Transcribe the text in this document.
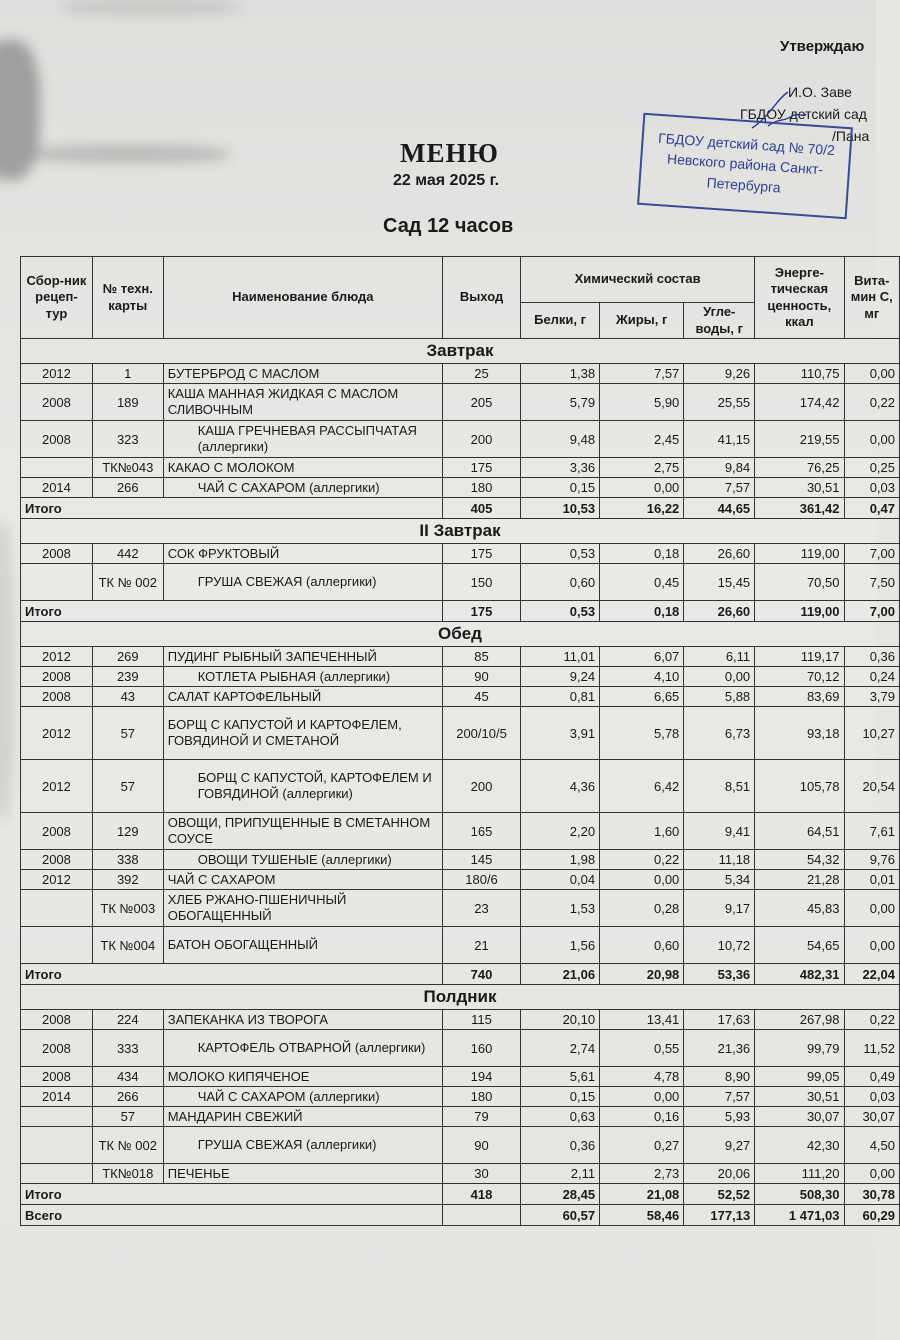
Утверждаю
И.О. Заве
ГБДОУ детский сад
/Пана
ГБДОУ детский сад № 70/2
Невского района Санкт-Петербурга
МЕНЮ
22 мая 2025 г.
Сад 12 часов
Сбор-ник рецеп-тур	№ техн. карты	Наименование блюда	Выход	Химический состав			Энерге-тическая ценность, ккал	Вита-мин С, мг
				Белки, г	Жиры, г	Угле-воды, г		
Завтрак								
2012	1	БУТЕРБРОД С МАСЛОМ	25	1,38	7,57	9,26	110,75	0,00
2008	189	КАША МАННАЯ ЖИДКАЯ С МАСЛОМ СЛИВОЧНЫМ	205	5,79	5,90	25,55	174,42	0,22
2008	323	КАША ГРЕЧНЕВАЯ РАССЫПЧАТАЯ (аллергики)	200	9,48	2,45	41,15	219,55	0,00
	ТК№043	КАКАО С МОЛОКОМ	175	3,36	2,75	9,84	76,25	0,25
2014	266	ЧАЙ С САХАРОМ (аллергики)	180	0,15	0,00	7,57	30,51	0,03
Итого			405	10,53	16,22	44,65	361,42	0,47
II Завтрак								
2008	442	СОК ФРУКТОВЫЙ	175	0,53	0,18	26,60	119,00	7,00
	ТК № 002	ГРУША СВЕЖАЯ (аллергики)	150	0,60	0,45	15,45	70,50	7,50
Итого			175	0,53	0,18	26,60	119,00	7,00
Обед								
2012	269	ПУДИНГ РЫБНЫЙ ЗАПЕЧЕННЫЙ	85	11,01	6,07	6,11	119,17	0,36
2008	239	КОТЛЕТА РЫБНАЯ (аллергики)	90	9,24	4,10	0,00	70,12	0,24
2008	43	САЛАТ КАРТОФЕЛЬНЫЙ	45	0,81	6,65	5,88	83,69	3,79
2012	57	БОРЩ С КАПУСТОЙ И КАРТОФЕЛЕМ, ГОВЯДИНОЙ И СМЕТАНОЙ	200/10/5	3,91	5,78	6,73	93,18	10,27
2012	57	БОРЩ С КАПУСТОЙ, КАРТОФЕЛЕМ И ГОВЯДИНОЙ (аллергики)	200	4,36	6,42	8,51	105,78	20,54
2008	129	ОВОЩИ, ПРИПУЩЕННЫЕ В СМЕТАННОМ СОУСЕ	165	2,20	1,60	9,41	64,51	7,61
2008	338	ОВОЩИ ТУШЕНЫЕ (аллергики)	145	1,98	0,22	11,18	54,32	9,76
2012	392	ЧАЙ С САХАРОМ	180/6	0,04	0,00	5,34	21,28	0,01
	ТК №003	ХЛЕБ РЖАНО-ПШЕНИЧНЫЙ ОБОГАЩЕННЫЙ	23	1,53	0,28	9,17	45,83	0,00
	ТК №004	БАТОН ОБОГАЩЕННЫЙ	21	1,56	0,60	10,72	54,65	0,00
Итого			740	21,06	20,98	53,36	482,31	22,04
Полдник								
2008	224	ЗАПЕКАНКА ИЗ ТВОРОГА	115	20,10	13,41	17,63	267,98	0,22
2008	333	КАРТОФЕЛЬ ОТВАРНОЙ (аллергики)	160	2,74	0,55	21,36	99,79	11,52
2008	434	МОЛОКО КИПЯЧЕНОЕ	194	5,61	4,78	8,90	99,05	0,49
2014	266	ЧАЙ С САХАРОМ (аллергики)	180	0,15	0,00	7,57	30,51	0,03
	57	МАНДАРИН СВЕЖИЙ	79	0,63	0,16	5,93	30,07	30,07
	ТК № 002	ГРУША СВЕЖАЯ (аллергики)	90	0,36	0,27	9,27	42,30	4,50
	ТК№018	ПЕЧЕНЬЕ	30	2,11	2,73	20,06	111,20	0,00
Итого			418	28,45	21,08	52,52	508,30	30,78
Всего				60,57	58,46	177,13	1 471,03	60,29
